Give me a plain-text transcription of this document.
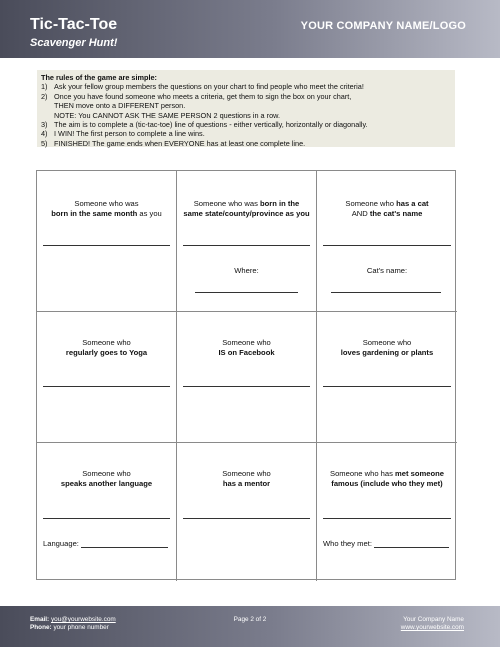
Tic-Tac-Toe
Scavenger Hunt!
YOUR COMPANY NAME/LOGO
The rules of the game are simple:
1) Ask your fellow group members the questions on your chart to find people who meet the criteria!
2) Once you have found someone who meets a criteria, get them to sign the box on your chart,
THEN move onto a DIFFERENT person.
NOTE: You CANNOT ASK THE SAME PERSON 2 questions in a row.
3) The aim is to complete a (tic-tac-toe) line of questions - either vertically, horizontally or diagonally.
4) I WIN! The first person to complete a line wins.
5) FINISHED! The game ends when EVERYONE has at least one complete line.
Someone who was
born in the same month as you
Someone who was born in the
same state/county/province as you
Where:
Someone who has a cat
AND the cat's name
Cat's name:
Someone who
regularly goes to Yoga
Someone who
IS on Facebook
Someone who
loves gardening or plants
Someone who
speaks another language
Language:
Someone who
has a mentor
Someone who has met someone
famous (include who they met)
Who they met:
Email: you@yourwebsite.com
Phone: your phone number
Page 2 of 2	Your Company Name
www.yourwebsite.com
